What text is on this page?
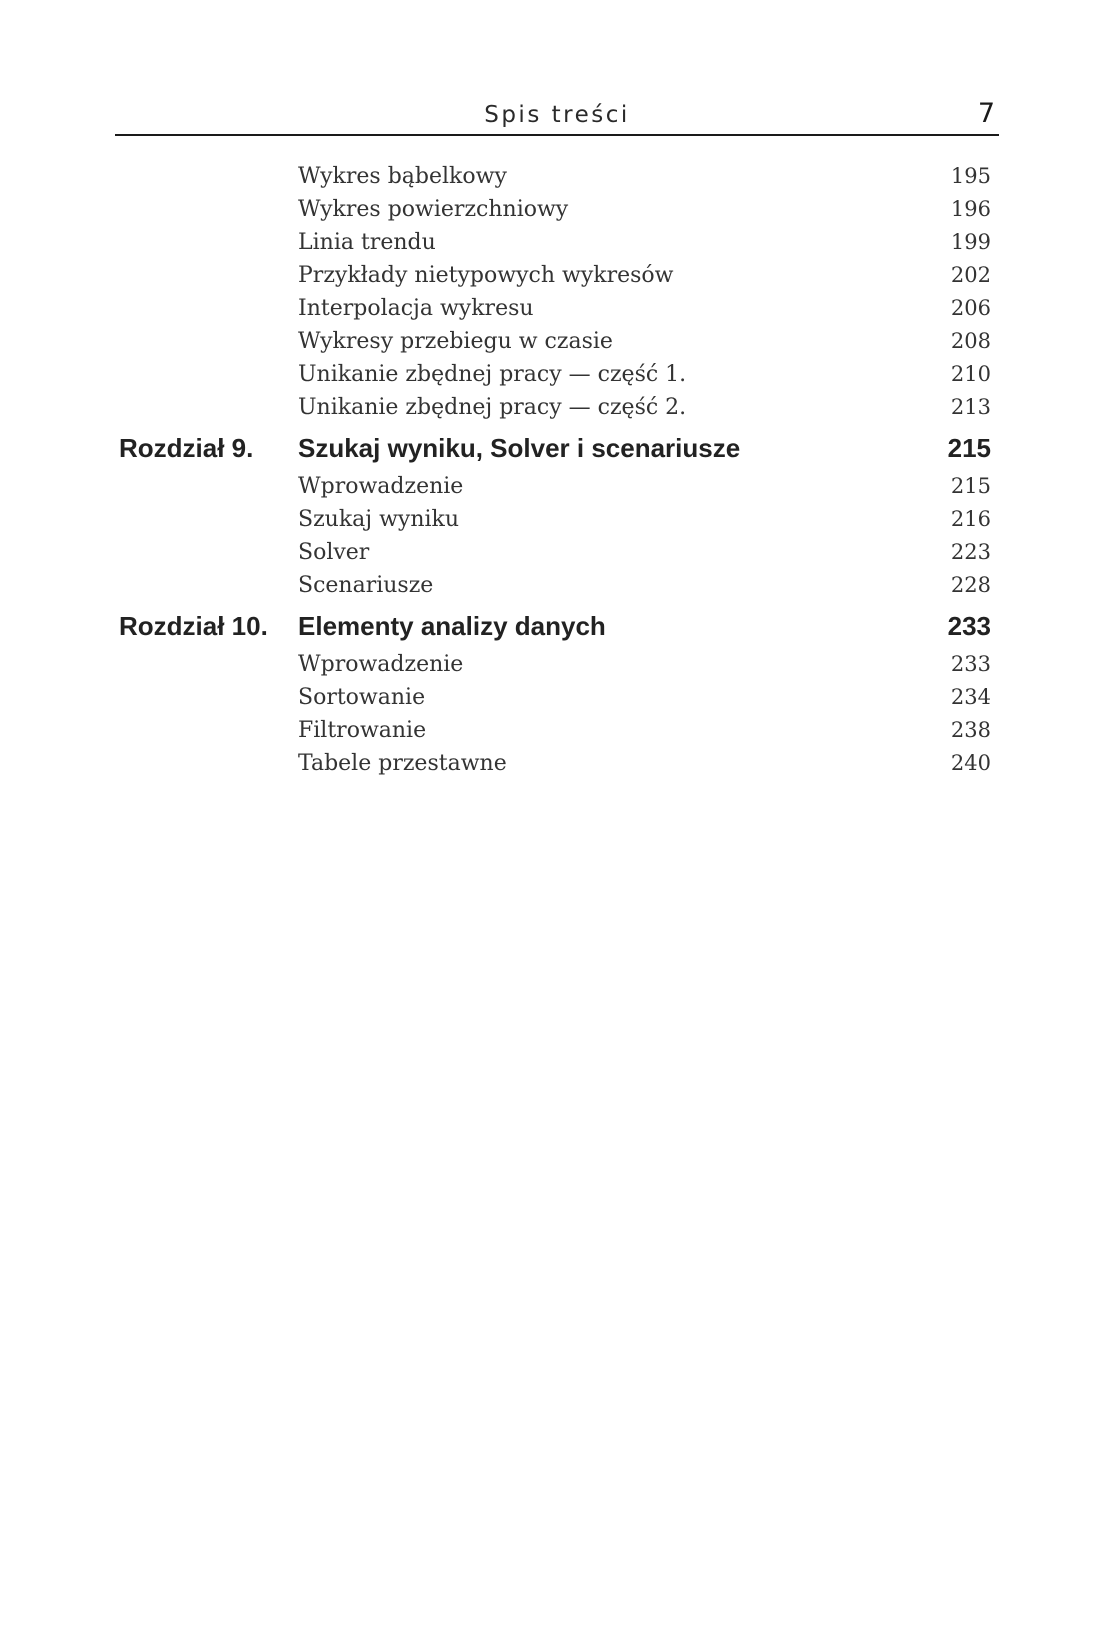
Spis treści	7
Wykres bąbelkowy	195
Wykres powierzchniowy	196
Linia trendu	199
Przykłady nietypowych wykresów	202
Interpolacja wykresu	206
Wykresy przebiegu w czasie	208
Unikanie zbędnej pracy — część 1.	210
Unikanie zbędnej pracy — część 2.	213
Rozdział 9. Szukaj wyniku, Solver i scenariusze	215
Wprowadzenie	215
Szukaj wyniku	216
Solver	223
Scenariusze	228
Rozdział 10. Elementy analizy danych	233
Wprowadzenie	233
Sortowanie	234
Filtrowanie	238
Tabele przestawne	240
